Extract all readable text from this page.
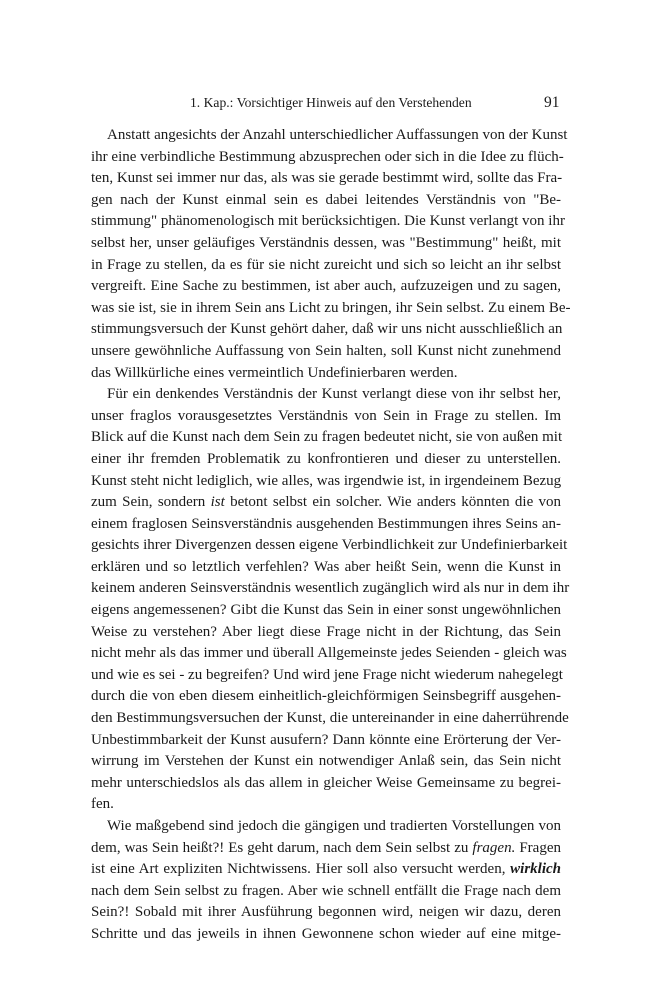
1. Kap.: Vorsichtiger Hinweis auf den Verstehenden	91
Anstatt angesichts der Anzahl unterschiedlicher Auffassungen von der Kunst
ihr eine verbindliche Bestimmung abzusprechen oder sich in die Idee zu flüch-
ten, Kunst sei immer nur das, als was sie gerade bestimmt wird, sollte das Fra-
gen nach der Kunst einmal sein es dabei leitendes Verständnis von "Be-
stimmung" phänomenologisch mit berücksichtigen. Die Kunst verlangt von ihr
selbst her, unser geläufiges Verständnis dessen, was "Bestimmung" heißt, mit
in Frage zu stellen, da es für sie nicht zureicht und sich so leicht an ihr selbst
vergreift. Eine Sache zu bestimmen, ist aber auch, aufzuzeigen und zu sagen,
was sie ist, sie in ihrem Sein ans Licht zu bringen, ihr Sein selbst. Zu einem Be-
stimmungsversuch der Kunst gehört daher, daß wir uns nicht ausschließlich an
unsere gewöhnliche Auffassung von Sein halten, soll Kunst nicht zunehmend
das Willkürliche eines vermeintlich Undefinierbaren werden.
Für ein denkendes Verständnis der Kunst verlangt diese von ihr selbst her,
unser fraglos vorausgesetztes Verständnis von Sein in Frage zu stellen. Im
Blick auf die Kunst nach dem Sein zu fragen bedeutet nicht, sie von außen mit
einer ihr fremden Problematik zu konfrontieren und dieser zu unterstellen.
Kunst steht nicht lediglich, wie alles, was irgendwie ist, in irgendeinem Bezug
zum Sein, sondern ist betont selbst ein solcher. Wie anders könnten die von
einem fraglosen Seinsverständnis ausgehenden Bestimmungen ihres Seins an-
gesichts ihrer Divergenzen dessen eigene Verbindlichkeit zur Undefinierbarkeit
erklären und so letztlich verfehlen? Was aber heißt Sein, wenn die Kunst in
keinem anderen Seinsverständnis wesentlich zugänglich wird als nur in dem ihr
eigens angemessenen? Gibt die Kunst das Sein in einer sonst ungewöhnlichen
Weise zu verstehen? Aber liegt diese Frage nicht in der Richtung, das Sein
nicht mehr als das immer und überall Allgemeinste jedes Seienden - gleich was
und wie es sei - zu begreifen? Und wird jene Frage nicht wiederum nahegelegt
durch die von eben diesem einheitlich-gleichförmigen Seinsbegriff ausgehen-
den Bestimmungsversuchen der Kunst, die untereinander in eine daherrührende
Unbestimmbarkeit der Kunst ausufern? Dann könnte eine Erörterung der Ver-
wirrung im Verstehen der Kunst ein notwendiger Anlaß sein, das Sein nicht
mehr unterschiedslos als das allem in gleicher Weise Gemeinsame zu begrei-
fen.
Wie maßgebend sind jedoch die gängigen und tradierten Vorstellungen von
dem, was Sein heißt?! Es geht darum, nach dem Sein selbst zu fragen. Fragen
ist eine Art expliziten Nichtwissens. Hier soll also versucht werden, wirklich
nach dem Sein selbst zu fragen. Aber wie schnell entfällt die Frage nach dem
Sein?! Sobald mit ihrer Ausführung begonnen wird, neigen wir dazu, deren
Schritte und das jeweils in ihnen Gewonnene schon wieder auf eine mitge-
